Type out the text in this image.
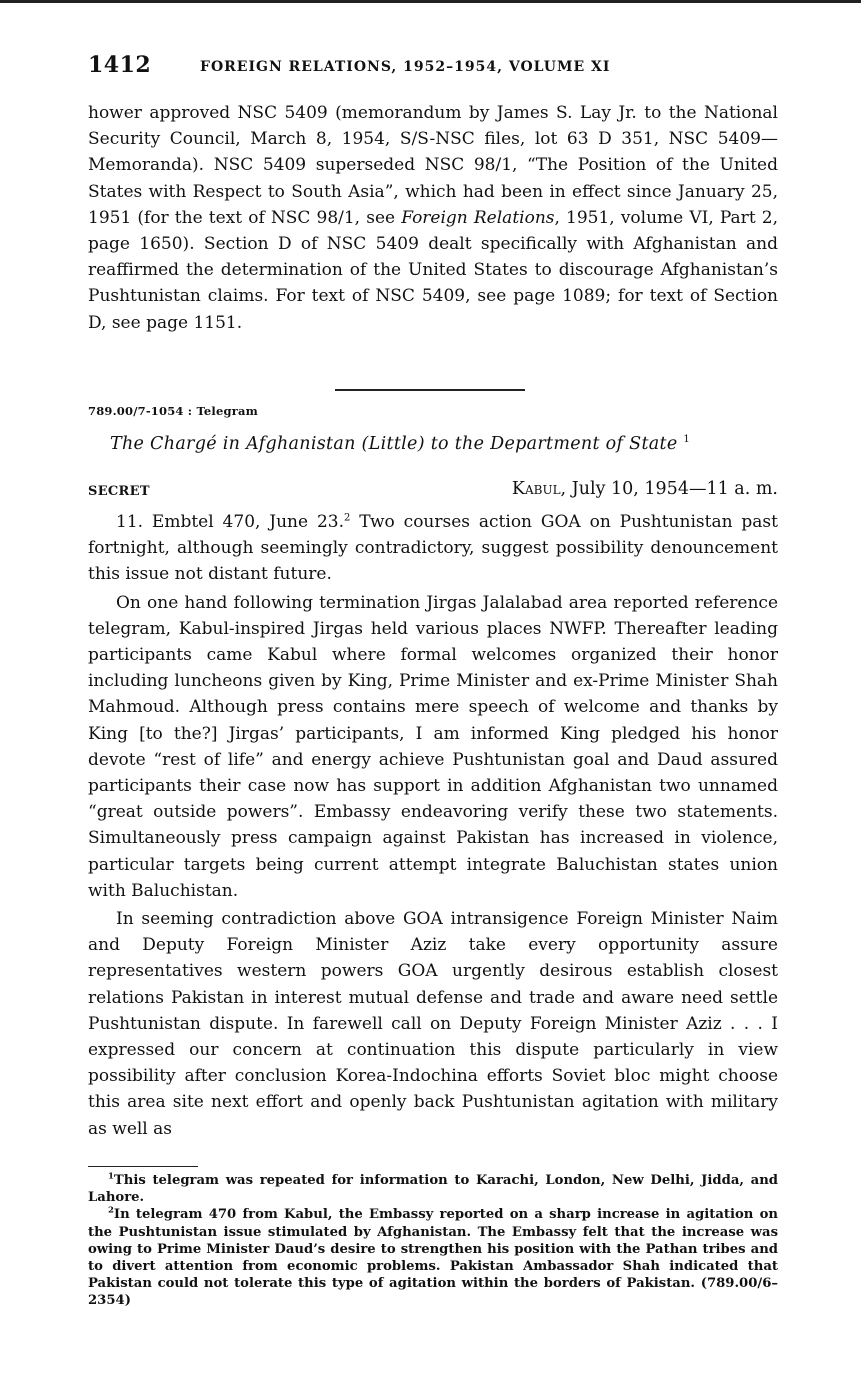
1412	FOREIGN RELATIONS, 1952–1954, VOLUME XI

hower approved NSC 5409 (memorandum by James S. Lay Jr. to the National Security Council, March 8, 1954, S/S-NSC files, lot 63 D 351, NSC 5409—Memoranda). NSC 5409 superseded NSC 98/1, “The Position of the United States with Respect to South Asia”, which had been in effect since January 25, 1951 (for the text of NSC 98/1, see Foreign Relations, 1951, volume VI, Part 2, page 1650). Section D of NSC 5409 dealt specifically with Afghanistan and reaffirmed the determination of the United States to discourage Afghanistan’s Pushtunistan claims. For text of NSC 5409, see page 1089; for text of Section D, see page 1151.

789.00/7-1054 : Telegram
The Chargé in Afghanistan (Little) to the Department of State $^1$
SECRET	Kabul, July 10, 1954—11 a. m.

11. Embtel 470, June 23.$^2$ Two courses action GOA on Pushtunistan past fortnight, although seemingly contradictory, suggest possibility denouncement this issue not distant future.

On one hand following termination Jirgas Jalalabad area reported reference telegram, Kabul-inspired Jirgas held various places NWFP. Thereafter leading participants came Kabul where formal welcomes organized their honor including luncheons given by King, Prime Minister and ex-Prime Minister Shah Mahmoud. Although press contains mere speech of welcome and thanks by King [to the?] Jirgas’ participants, I am informed King pledged his honor devote “rest of life” and energy achieve Pushtunistan goal and Daud assured participants their case now has support in addition Afghanistan two unnamed “great outside powers”. Embassy endeavoring verify these two statements. Simultaneously press campaign against Pakistan has increased in violence, particular targets being current attempt integrate Baluchistan states union with Baluchistan.

In seeming contradiction above GOA intransigence Foreign Minister Naim and Deputy Foreign Minister Aziz take every opportunity assure representatives western powers GOA urgently desirous establish closest relations Pakistan in interest mutual defense and trade and aware need settle Pushtunistan dispute. In farewell call on Deputy Foreign Minister Aziz . . . I expressed our concern at continuation this dispute particularly in view possibility after conclusion Korea-Indochina efforts Soviet bloc might choose this area site next effort and openly back Pushtunistan agitation with military as well as

$^1$This telegram was repeated for information to Karachi, London, New Delhi, Jidda, and Lahore.

$^2$In telegram 470 from Kabul, the Embassy reported on a sharp increase in agitation on the Pushtunistan issue stimulated by Afghanistan. The Embassy felt that the increase was owing to Prime Minister Daud’s desire to strengthen his position with the Pathan tribes and to divert attention from economic problems. Pakistan Ambassador Shah indicated that Pakistan could not tolerate this type of agitation within the borders of Pakistan. (789.00/6–2354)
